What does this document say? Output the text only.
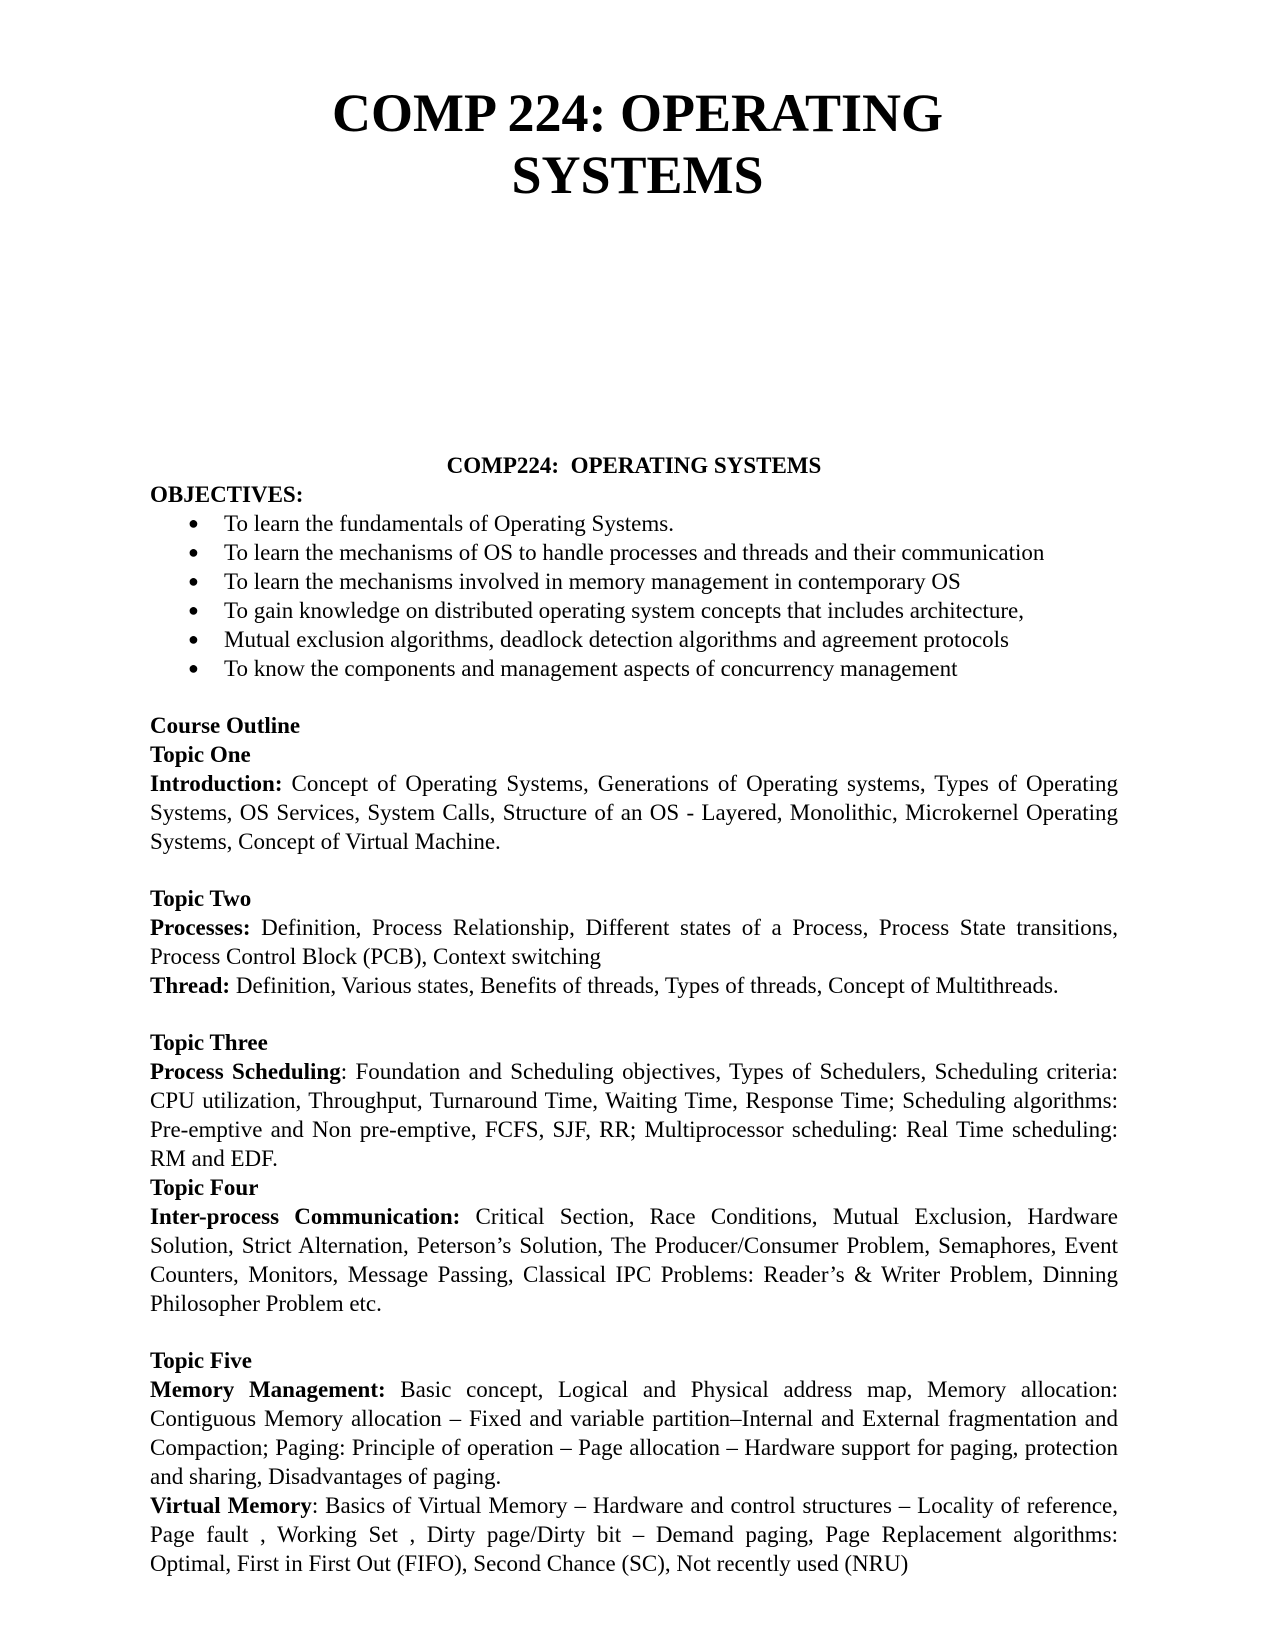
COMP 224: OPERATING
SYSTEMS

COMP224:  OPERATING SYSTEMS

OBJECTIVES:

● To learn the fundamentals of Operating Systems.
● To learn the mechanisms of OS to handle processes and threads and their communication
● To learn the mechanisms involved in memory management in contemporary OS
● To gain knowledge on distributed operating system concepts that includes architecture,
● Mutual exclusion algorithms, deadlock detection algorithms and agreement protocols
● To know the components and management aspects of concurrency management

Course Outline

Topic One

Introduction: Concept of Operating Systems, Generations of Operating systems, Types of Operating Systems, OS Services, System Calls, Structure of an OS - Layered, Monolithic, Microkernel Operating Systems, Concept of Virtual Machine.

Topic Two

Processes: Definition, Process Relationship, Different states of a Process, Process State transitions, Process Control Block (PCB), Context switching

Thread: Definition, Various states, Benefits of threads, Types of threads, Concept of Multithreads.

Topic Three

Process Scheduling: Foundation and Scheduling objectives, Types of Schedulers, Scheduling criteria: CPU utilization, Throughput, Turnaround Time, Waiting Time, Response Time; Scheduling algorithms: Pre-emptive and Non pre-emptive, FCFS, SJF, RR; Multiprocessor scheduling: Real Time scheduling: RM and EDF.

Topic Four

Inter-process Communication: Critical Section, Race Conditions, Mutual Exclusion, Hardware Solution, Strict Alternation, Peterson’s Solution, The Producer/Consumer Problem, Semaphores, Event Counters, Monitors, Message Passing, Classical IPC Problems: Reader’s & Writer Problem, Dinning Philosopher Problem etc.

Topic Five

Memory Management: Basic concept, Logical and Physical address map, Memory allocation: Contiguous Memory allocation – Fixed and variable partition–Internal and External fragmentation and Compaction; Paging: Principle of operation – Page allocation – Hardware support for paging, protection and sharing, Disadvantages of paging.

Virtual Memory: Basics of Virtual Memory – Hardware and control structures – Locality of reference, Page fault , Working Set , Dirty page/Dirty bit – Demand paging, Page Replacement algorithms: Optimal, First in First Out (FIFO), Second Chance (SC), Not recently used (NRU)
